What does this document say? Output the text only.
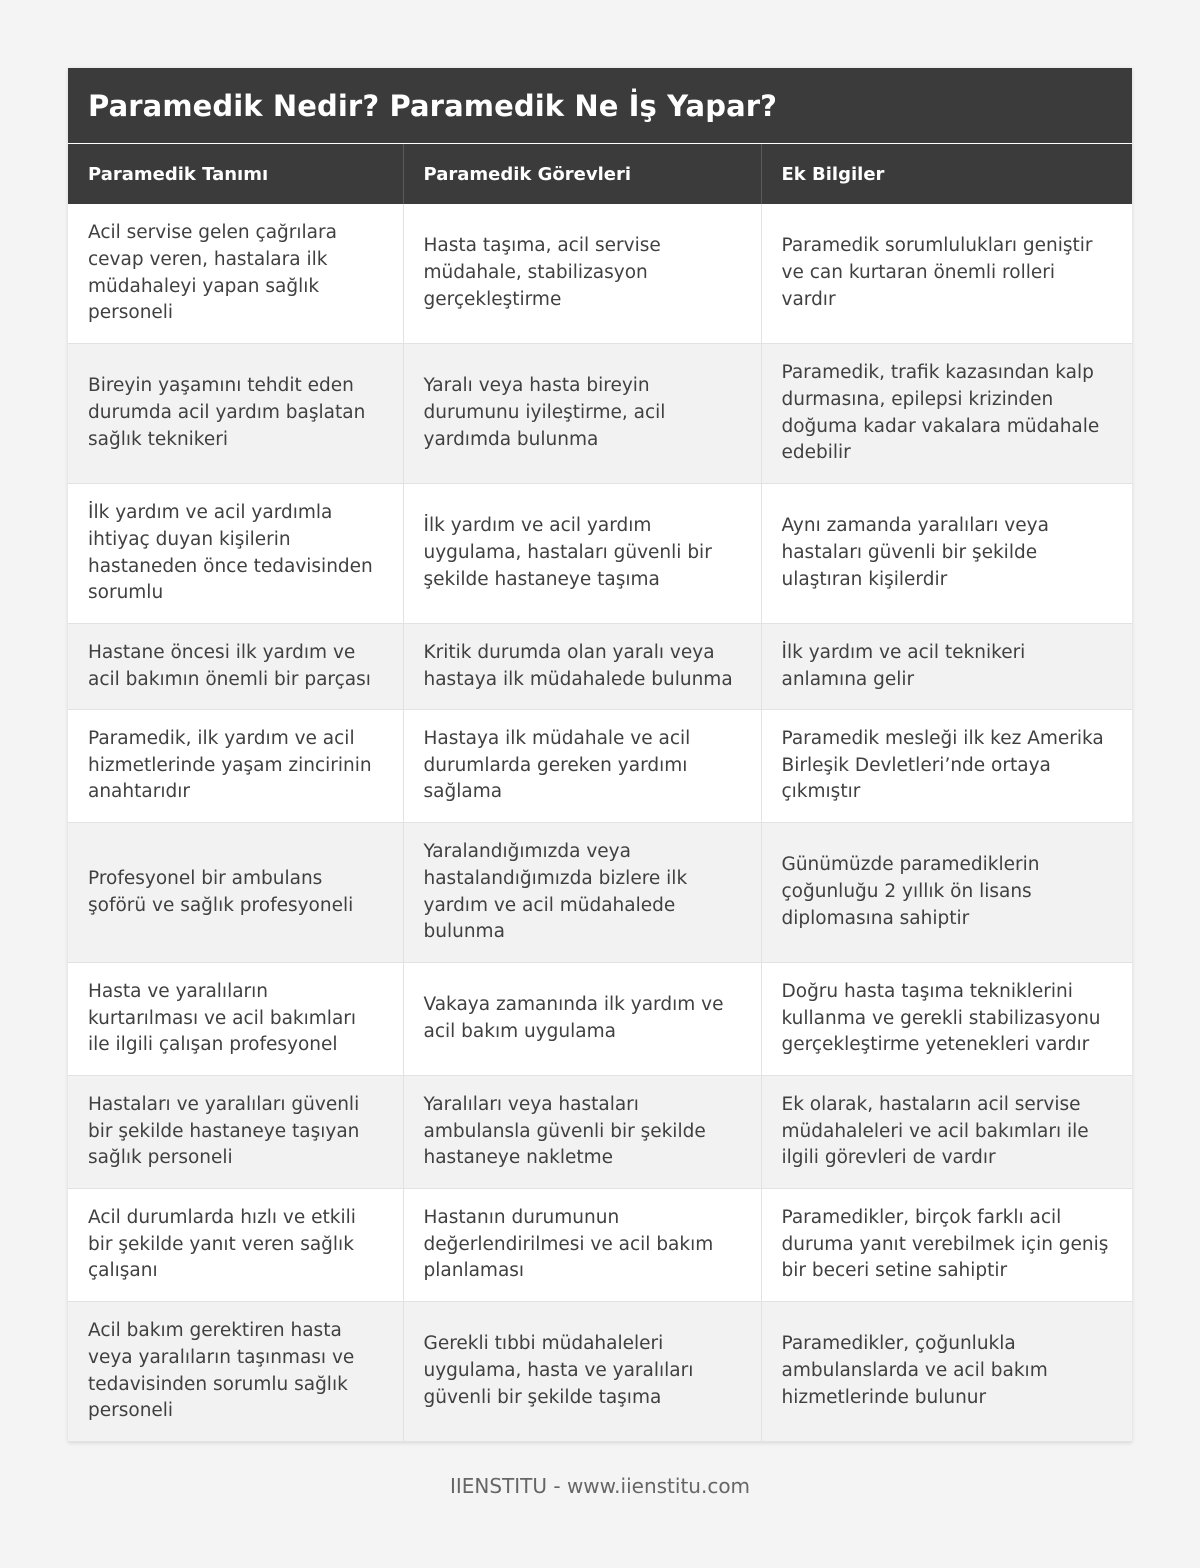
Paramedik Nedir? Paramedik Ne İş Yapar?
Paramedik Tanımı	Paramedik Görevleri	Ek Bilgiler
Acil servise gelen çağrılara cevap veren, hastalara ilk müdahaleyi yapan sağlık personeli	Hasta taşıma, acil servise müdahale, stabilizasyon gerçekleştirme	Paramedik sorumlulukları geniştir ve can kurtaran önemli rolleri vardır
Bireyin yaşamını tehdit eden durumda acil yardım başlatan sağlık teknikeri	Yaralı veya hasta bireyin durumunu iyileştirme, acil yardımda bulunma	Paramedik, trafik kazasından kalp durmasına, epilepsi krizinden doğuma kadar vakalara müdahale edebilir
İlk yardım ve acil yardımla ihtiyaç duyan kişilerin hastaneden önce tedavisinden sorumlu	İlk yardım ve acil yardım uygulama, hastaları güvenli bir şekilde hastaneye taşıma	Aynı zamanda yaralıları veya hastaları güvenli bir şekilde ulaştıran kişilerdir
Hastane öncesi ilk yardım ve acil bakımın önemli bir parçası	Kritik durumda olan yaralı veya hastaya ilk müdahalede bulunma	İlk yardım ve acil teknikeri anlamına gelir
Paramedik, ilk yardım ve acil hizmetlerinde yaşam zincirinin anahtarıdır	Hastaya ilk müdahale ve acil durumlarda gereken yardımı sağlama	Paramedik mesleği ilk kez Amerika Birleşik Devletleri’nde ortaya çıkmıştır
Profesyonel bir ambulans şoförü ve sağlık profesyoneli	Yaralandığımızda veya hastalandığımızda bizlere ilk yardım ve acil müdahalede bulunma	Günümüzde paramediklerin çoğunluğu 2 yıllık ön lisans diplomasına sahiptir
Hasta ve yaralıların kurtarılması ve acil bakımları ile ilgili çalışan profesyonel	Vakaya zamanında ilk yardım ve acil bakım uygulama	Doğru hasta taşıma tekniklerini kullanma ve gerekli stabilizasyonu gerçekleştirme yetenekleri vardır
Hastaları ve yaralıları güvenli bir şekilde hastaneye taşıyan sağlık personeli	Yaralıları veya hastaları ambulansla güvenli bir şekilde hastaneye nakletme	Ek olarak, hastaların acil servise müdahaleleri ve acil bakımları ile ilgili görevleri de vardır
Acil durumlarda hızlı ve etkili bir şekilde yanıt veren sağlık çalışanı	Hastanın durumunun değerlendirilmesi ve acil bakım planlaması	Paramedikler, birçok farklı acil duruma yanıt verebilmek için geniş bir beceri setine sahiptir
Acil bakım gerektiren hasta veya yaralıların taşınması ve tedavisinden sorumlu sağlık personeli	Gerekli tıbbi müdahaleleri uygulama, hasta ve yaralıları güvenli bir şekilde taşıma	Paramedikler, çoğunlukla ambulanslarda ve acil bakım hizmetlerinde bulunur
IIENSTITU - www.iienstitu.com
